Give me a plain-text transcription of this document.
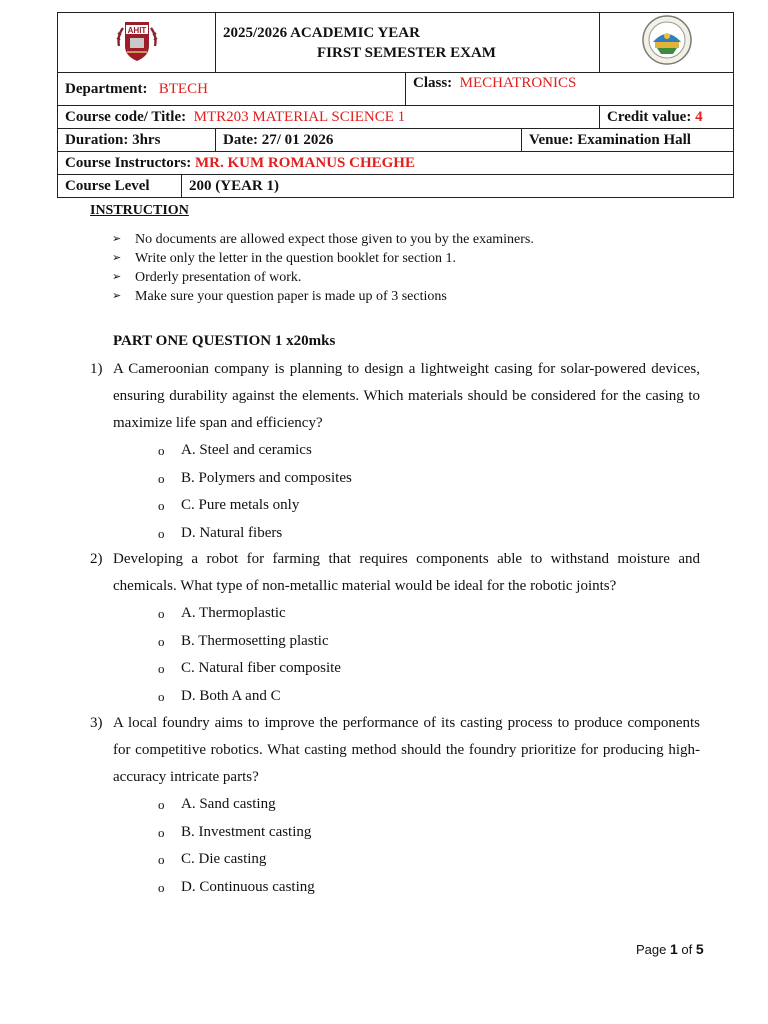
AHIT		2025/2026 ACADEMIC YEAR
FIRST SEMESTER EXAM

Department: BTECH			Class: MECHATRONICS		
Course code/ Title: MTR203 MATERIAL SCIENCE 1					Credit value: 4
Duration: 3hrs		Date: 27/ 01 2026		Venue: Examination Hall	
Course Instructors: MR. KUM ROMANUS CHEGHE					
Course Level	200 (YEAR 1)				
INSTRUCTION
➢ No documents are allowed expect those given to you by the examiners.
➢ Write only the letter in the question booklet for section 1.
➢ Orderly presentation of work.
➢ Make sure your question paper is made up of 3 sections
PART ONE QUESTION 1 x20mks
1) A Cameroonian company is planning to design a lightweight casing for solar-powered devices, ensuring durability against the elements. Which materials should be considered for the casing to maximize life span and efficiency?
o A. Steel and ceramics
o B. Polymers and composites
o C. Pure metals only
o D. Natural fibers
2) Developing a robot for farming that requires components able to withstand moisture and chemicals. What type of non-metallic material would be ideal for the robotic joints?
o A. Thermoplastic
o B. Thermosetting plastic
o C. Natural fiber composite
o D. Both A and C
3) A local foundry aims to improve the performance of its casting process to produce components for competitive robotics. What casting method should the foundry prioritize for producing high-accuracy intricate parts?
o A. Sand casting
o B. Investment casting
o C. Die casting
o D. Continuous casting
Page 1 of 5
